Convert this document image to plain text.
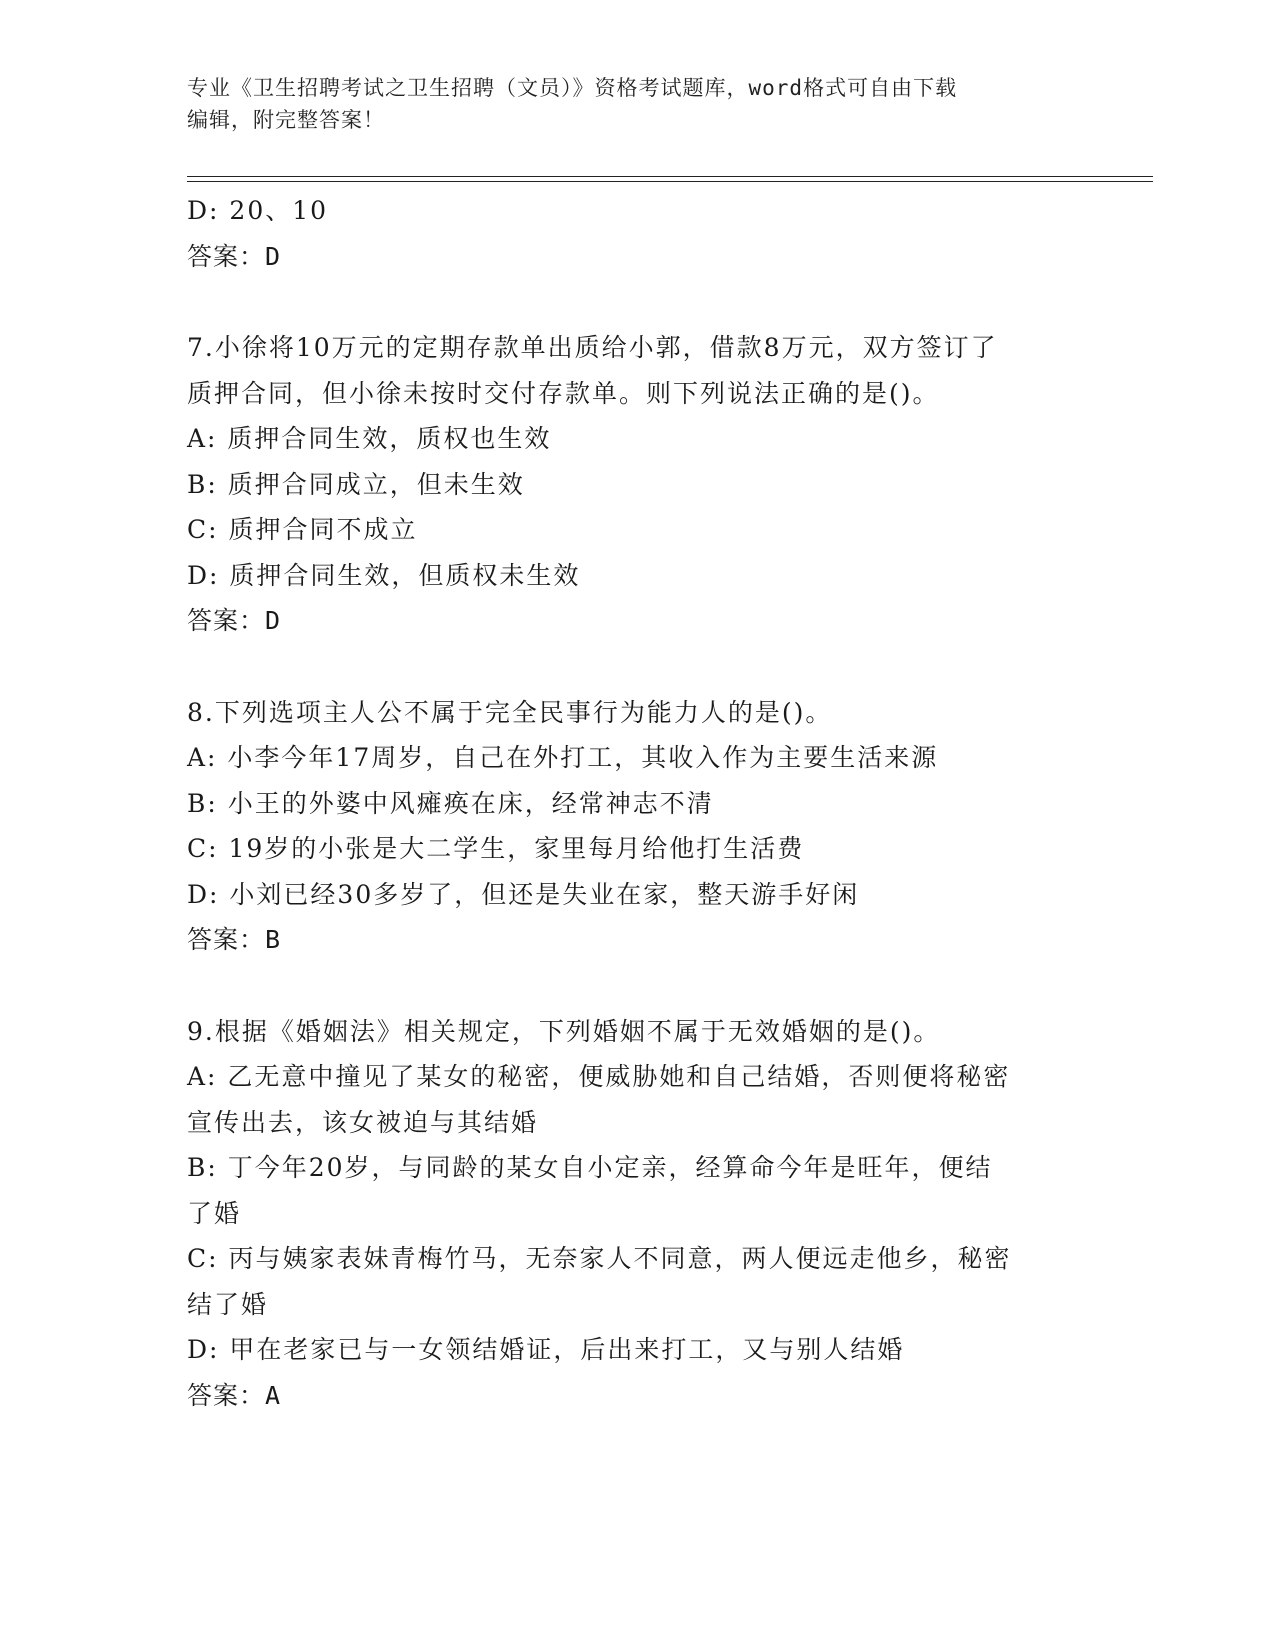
专业《卫生招聘考试之卫生招聘（文员）》资格考试题库，word格式可自由下载
编辑，附完整答案！
D: 20、10
答案：D
7.小徐将10万元的定期存款单出质给小郭，借款8万元，双方签订了
质押合同，但小徐未按时交付存款单。则下列说法正确的是()。
A: 质押合同生效，质权也生效
B: 质押合同成立，但未生效
C: 质押合同不成立
D: 质押合同生效，但质权未生效
答案：D
8.下列选项主人公不属于完全民事行为能力人的是()。
A: 小李今年17周岁，自己在外打工，其收入作为主要生活来源
B: 小王的外婆中风瘫痪在床，经常神志不清
C: 19岁的小张是大二学生，家里每月给他打生活费
D: 小刘已经30多岁了，但还是失业在家，整天游手好闲
答案：B
9.根据《婚姻法》相关规定，下列婚姻不属于无效婚姻的是()。
A: 乙无意中撞见了某女的秘密，便威胁她和自己结婚，否则便将秘密
宣传出去，该女被迫与其结婚
B: 丁今年20岁，与同龄的某女自小定亲，经算命今年是旺年，便结
了婚
C: 丙与姨家表妹青梅竹马，无奈家人不同意，两人便远走他乡，秘密
结了婚
D: 甲在老家已与一女领结婚证，后出来打工，又与别人结婚
答案：A
